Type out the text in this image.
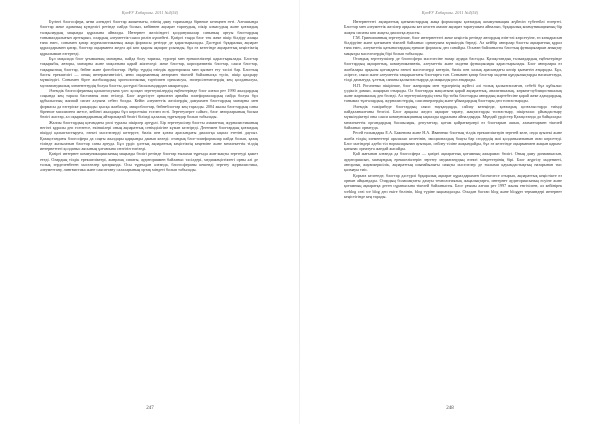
ҚазҰУ Хабаршы. 2011 №4(54)

Бүгінгі блогосфера, яғни әлемдегі блогтар жиынтығы, өзінің даму тарихында бірнеше кезеңнен өтті. Алғашында блогтар жеке адамның күнделігі ретінде пайда болып, кейіннен ақпарат таратудың, пікір алмасудың және қоғамдық талқылаудың маңызды құралына айналды. Интернет желісіндегі қолданушылар санының артуы блогтардың танымалдылығын арттырып, олардың әлеуметтік-саяси рөлін күшейтті. Қазіргі таңда блог тек жеке пікір білдіру алаңы ғана емес, сонымен қатар журналистиканың жаңа формасы ретінде де қарастырылады. Дәстүрлі бұқаралық ақпарат құралдарымен қатар, блогтар оқырманға жедел әрі көп қырлы ақпарат ұсынады, бұл өз кезегінде ақпараттық кеңістіктің құрылымын өзгертеді.

Бұл мақалада блог ұғымының мазмұны, пайда болу тарихы, түрлері мен ерекшеліктері қарастырылады. Блогтар тақырыбы, авторы, мазмұны және мақсатына қарай жіктеледі: жеке блогтар, корпоративтік блогтар, саяси блогтар, тақырыптық блогтар, бейне және фотоблогтар. Әрбір түрдің өзіндік аудиториясы мен қызмет ету тәсілі бар. Блогтың басты ерекшелігі — оның интерактивтілігі, яғни оқырманның автормен тікелей байланысқа түсіп, пікір қалдыру мүмкіндігі. Сонымен бірге жазбалардың хронологиялық тәртіппен орналасуы, гиперсілтемелердің кең қолданылуы, мультимедиалық элементтердің болуы блогты дәстүрлі басылымдардан ажыратады.

Әлемдік блогосфераның қалыптасуына үлес қосқан зерттеушілердің еңбектерінде блог алғаш рет 1990 жылдардың соңында кең тарала бастағаны атап өтіледі. Блог жүргізуге арналған арнайы платформалардың пайда болуы бұл құбылыстың жаппай сипат алуына себеп болды. Кейін әлеуметтік желілердің дамуымен блогтардың мазмұны мен формасы да өзгеріске ұшырады: қысқа жазбалар, микроблогтар, бейнеблогтар кең таралды. 2004 жылы блогтардың саны бірнеше миллионға жетсе, кейінгі жылдары бұл көрсеткіш еселеп өсті. Зерттеулерге сәйкес, блог авторларының басым бөлігі жастар, ал оқырмандарының айтарлықтай бөлігі білімді қалалық тұрғындар болып табылады.

Жалпы блогтардың қоғамдағы рөлі туралы пікірлер әртүрлі. Бір зерттеушілер блогты азаматтық журналистиканың негізгі құралы деп есептесе, екіншілері оның ақпараттық сенімділігіне күмән келтіреді. Дегенмен блогтардың қоғамдық пікірді қалыптастыруға, өзекті мәселелерді көтеруге, билік пен қоғам арасындағы диалогқа ықпал ететіні даусыз. Қазақстандағы блогосфера да соңғы жылдары қарқынды дамып келеді: отандық блог-платформалар пайда болып, қазақ тілінде жазылатын блогтар саны артуда. Бұл үрдіс ұлттық ақпараттық кеңістіктің кеңеюіне және мемлекеттік тілдің интернеттегі қолданыс аясының ұлғаюына септігін тигізеді.

Қазіргі интернет коммуникациясының маңызды бөлігі ретінде блогтар ғылыми тұрғыда жан-жақты зерттеуді қажет етеді. Олардың тілдік ерекшеліктері, жанрлық сипаты, аудиториямен байланыс тәсілдері, медиакеңістіктегі орны әлі де толық зерделенбеген мәселелер қатарында. Осы тұрғыдан алғанда, блогосфераны кешенді зерттеу журналистика, әлеуметтану, лингвистика және саясаттану салаларының ортақ міндеті болып табылады.

247
ҚазҰУ Хабаршы. 2011 №4(54)

Интернеттегі ақпараттық қатынастардың жаңа формалары қоғамдық коммуникация жүйесін түбегейлі өзгертті. Блогтар мен әлеуметтік желілер арқылы кез келген азамат ақпарат таратушыға айналып, бұқаралық коммуникацияның бір жақты сипаты көп жақты диалогқа ауысты.

Г.М. Гриншпанның зерттеуінше, блог интернеттегі жеке кеңістік ретінде автордың өзін-өзі көрсетуіне, өз көзқарасын білдіруіне және қоғаммен тікелей байланыс орнатуына мүмкіндік береді. Ал кейбір авторлар блогты ақпараттық құрал ғана емес, әлеуметтік қатынастардың ерекше формасы деп санайды. Осыған байланысты блогтың функцияларын анықтау маңызды мәселелердің бірі болып табылады.

Отандық зерттеушілер де блогосфера мәселесіне назар аудара бастады. Қазақстандық ғалымдардың еңбектерінде блогтардың ақпараттық, коммуникативтік, әлеуметтік және мәдени функциялары қарастырылады. Блог авторлары өз жазбалары арқылы қоғамдағы өзекті мәселелерді көтеріп, билік пен халық арасындағы көпір қызметін атқарады. Бұл, әсіресе, саяси және әлеуметтік тақырыптағы блогтарға тән. Сонымен қатар блогтар мәдени құндылықтарды насихаттауда, тілді дамытуда, ұлттық сананы қалыптастыруда да маңызды рөл атқарады.

Н.П. Рогаченко пікірінше, блог жанрлары мен түрлерінің жүйесі әлі толық қалыптаспаған, себебі бұл құбылыс үздіксіз дамып, жаңарып отырады. Ол блогтарды мақсатына қарай ақпараттық, аналитикалық, көркем-публицистикалық және жарнамалық деп бөледі. Ал зерттеушілердің тағы бір тобы блогтарды автордың мәртебесіне қарай жеке адамдардың, танымал тұлғалардың, журналистердің, саясаткерлердің және ұйымдардың блогтары деп топтастырады.

Әлемдік тәжірибеде блогтардың саяси науқандарда, сайлау кезеңінде, қоғамдық қозғалыстарда тиімді пайдаланылғаны белгілі. Блог арқылы жедел ақпарат тарату, жақтастарды топтастыру, пікірталас ұйымдастыру мүмкіндіктері оны саяси коммуникацияның ықпалды құралына айналдырды. Мұндай үрдістер Қазақстанда да байқалады: мемлекеттік органдардың басшылары, депутаттар, қоғам қайраткерлері өз блогтарын ашып, азаматтармен тікелей байланыс орнатуда.

Ресей ғалымдары Е.А. Баженова және Н.А. Иваненко блогтың тілдік ерекшеліктерін зерттей келе, онда ауызекі және жазба тілдің элементтері араласып келетінін, эмоционалдық бояуы бар сөздердің жиі қолданылатынын атап көрсетеді. Блог мәтіндері әдеби тіл нормаларынан ауытқып, сөйлеу тіліне жақындайды, бұл өз кезегінде оқырманмен жақын қарым-қатынас орнатуға жағдай жасайды.

Қай жағынан алғанда да блогосфера — қазіргі ақпараттық қоғамның ажырамас бөлігі. Оның даму динамикасын, аудиториясын, мазмұндық ерекшеліктерін зерттеу медиатанудың өзекті міндеттерінің бірі. Блог жүргізу мәдениеті, авторлық жауапкершілік, ақпараттың шынайылығы сияқты мәселелер де ғылыми қауымдастықтың назарынан тыс қалмауы тиіс.

Қорыта келгенде, блогтар дәстүрлі бұқаралық ақпарат құралдарымен бәсекелесе отырып, ақпараттық кеңістікте өз орнын айқындады. Олардың болашақтағы дамуы технологиялық жаңалықтарға, интернет аудиториясының өсуіне және қоғамның ақпаратқа деген сұранысына тікелей байланысты. Блог ұғымы алғаш рет 1997 жылы енгізілген, ал кейінірек weblog сөзі we blog деп екіге бөлініп, blog түріне ықшамдалды. Осыдан бастап blog және blogger терминдері интернет кеңістігінде кең тарады.

248
